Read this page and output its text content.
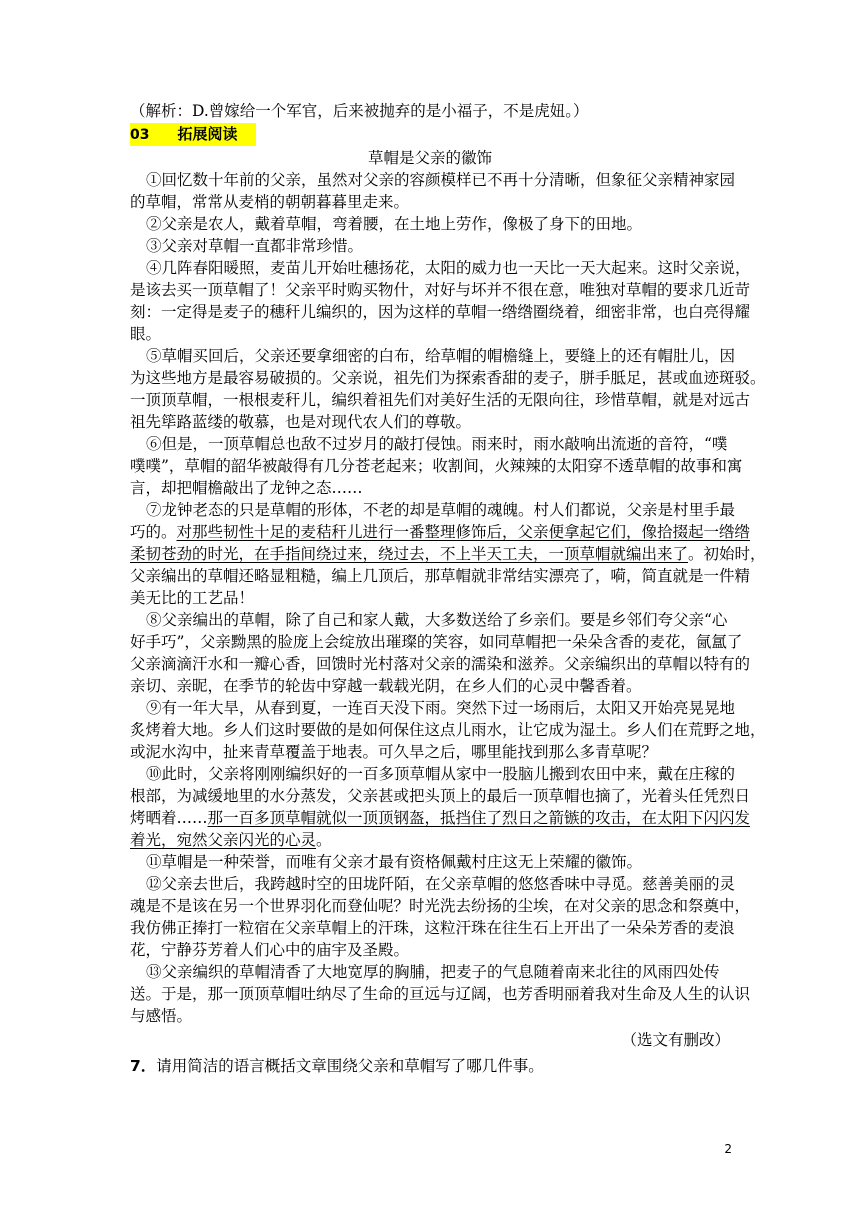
（解析：D.曾嫁给一个军官，后来被抛弃的是小福子，不是虎妞。）
03 拓展阅读
草帽是父亲的徽饰
①回忆数十年前的父亲，虽然对父亲的容颜模样已不再十分清晰，但象征父亲精神家园
的草帽，常常从麦梢的朝朝暮暮里走来。
②父亲是农人，戴着草帽，弯着腰，在土地上劳作，像极了身下的田地。
③父亲对草帽一直都非常珍惜。
④几阵春阳暖照，麦苗儿开始吐穗扬花，太阳的威力也一天比一天大起来。这时父亲说，
是该去买一顶草帽了！父亲平时购买物什，对好与坏并不很在意，唯独对草帽的要求几近苛
刻：一定得是麦子的穗秆儿编织的，因为这样的草帽一绺绺圈绕着，细密非常，也白亮得耀
眼。
⑤草帽买回后，父亲还要拿细密的白布，给草帽的帽檐缝上，要缝上的还有帽肚儿，因
为这些地方是最容易破损的。父亲说，祖先们为探索香甜的麦子，胼手胝足，甚或血迹斑驳。
一顶顶草帽，一根根麦秆儿，编织着祖先们对美好生活的无限向往，珍惜草帽，就是对远古
祖先筚路蓝缕的敬慕，也是对现代农人们的尊敬。
⑥但是，一顶草帽总也敌不过岁月的敲打侵蚀。雨来时，雨水敲响出流逝的音符，“噗
噗噗”，草帽的韶华被敲得有几分苍老起来；收割间，火辣辣的太阳穿不透草帽的故事和寓
言，却把帽檐敲出了龙钟之态……
⑦龙钟老态的只是草帽的形体，不老的却是草帽的魂魄。村人们都说，父亲是村里手最
巧的。对那些韧性十足的麦秸秆儿进行一番整理修饰后，父亲便拿起它们，像拾掇起一绺绺
柔韧苍劲的时光，在手指间绕过来，绕过去，不上半天工夫，一顶草帽就编出来了。初始时，
父亲编出的草帽还略显粗糙，编上几顶后，那草帽就非常结实漂亮了，嗬，简直就是一件精
美无比的工艺品！
⑧父亲编出的草帽，除了自己和家人戴，大多数送给了乡亲们。要是乡邻们夸父亲“心
好手巧”，父亲黝黑的脸庞上会绽放出璀璨的笑容，如同草帽把一朵朵含香的麦花，氤氲了
父亲滴滴汗水和一瓣心香，回馈时光村落对父亲的濡染和滋养。父亲编织出的草帽以特有的
亲切、亲昵，在季节的轮齿中穿越一载载光阴，在乡人们的心灵中馨香着。
⑨有一年大旱，从春到夏，一连百天没下雨。突然下过一场雨后，太阳又开始亮晃晃地
炙烤着大地。乡人们这时要做的是如何保住这点儿雨水，让它成为湿土。乡人们在荒野之地，
或泥水沟中，扯来青草覆盖于地表。可久旱之后，哪里能找到那么多青草呢？
⑩此时，父亲将刚刚编织好的一百多顶草帽从家中一股脑儿搬到农田中来，戴在庄稼的
根部，为减缓地里的水分蒸发，父亲甚或把头顶上的最后一顶草帽也摘了，光着头任凭烈日
烤晒着……那一百多顶草帽就似一顶顶钢盔，抵挡住了烈日之箭镞的攻击，在太阳下闪闪发
着光，宛然父亲闪光的心灵。
⑪草帽是一种荣誉，而唯有父亲才最有资格佩戴村庄这无上荣耀的徽饰。
⑫父亲去世后，我跨越时空的田垅阡陌，在父亲草帽的悠悠香味中寻觅。慈善美丽的灵
魂是不是该在另一个世界羽化而登仙呢？时光洗去纷扬的尘埃，在对父亲的思念和祭奠中，
我仿佛正捧打一粒宿在父亲草帽上的汗珠，这粒汗珠在往生石上开出了一朵朵芳香的麦浪
花，宁静芬芳着人们心中的庙宇及圣殿。
⑬父亲编织的草帽清香了大地宽厚的胸脯，把麦子的气息随着南来北往的风雨四处传
送。于是，那一顶顶草帽吐纳尽了生命的亘远与辽阔，也芳香明丽着我对生命及人生的认识
与感悟。
（选文有删改）
7．请用简洁的语言概括文章围绕父亲和草帽写了哪几件事。
2
